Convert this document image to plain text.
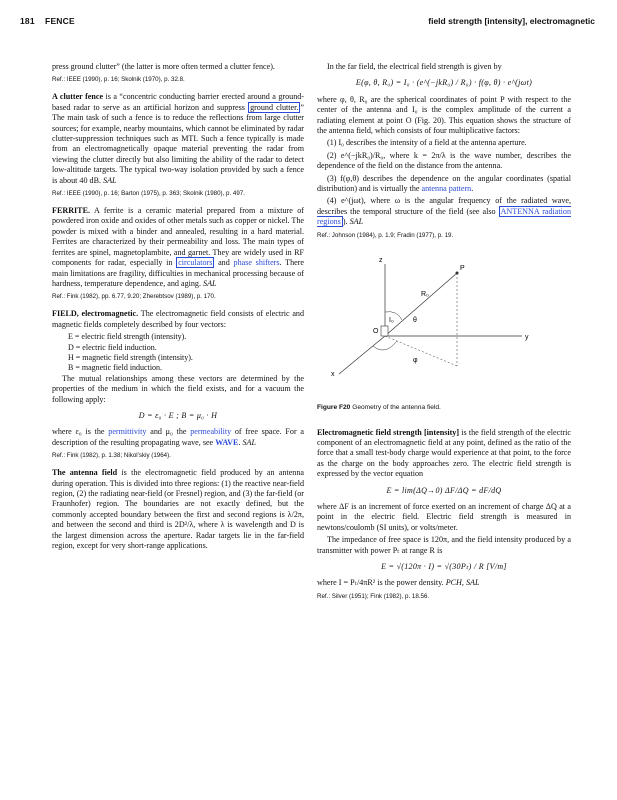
181 FENCE	field strength [intensity], electromagnetic

press ground clutter” (the latter is more often termed a clutter fence).

Ref.: IEEE (1990), p. 16; Skolnik (1970), p. 32.8.

A clutter fence is a “concentric conducting barrier erected around a ground-based radar to serve as an artificial horizon and suppress ground clutter. ” The main task of such a fence is to reduce the reflections from large clutter sources; for example, nearby mountains, which cannot be eliminated by radar clutter-suppression techniques such as MTI. Such a fence typically is made from an electromagnetically opaque material preventing the radar from viewing the clutter directly but also limiting the ability of the radar to detect low-altitude targets. The typical two-way isolation provided by such a fence is about 40 dB. SAL

Ref.: IEEE (1990), p. 16; Barton (1975), p. 363; Skolnik (1980), p. 497.

FERRITE. A ferrite is a ceramic material prepared from a mixture of powdered iron oxide and oxides of other metals such as copper or nickel. The powder is mixed with a binder and annealed, resulting in a hard material. Ferrites are characterized by their permeability and loss. The main types of ferrites are spinel, magnetoplambite, and garnet. They are widely used in RF components for radar, especially in circulators and phase shifters. There main limitations are fragility, difficulties in mechanical processing because of hardness, temperature dependence, and aging. SAL

Ref.: Fink (1982), pp. 6.77, 9.20; Zherebtsov (1989), p. 170.

FIELD, electromagnetic. The electromagnetic field consists of electric and magnetic fields completely described by four vectors:

E = electric field strength (intensity).
D = electric field induction.
H = magnetic field strength (intensity).
B = magnetic field induction.

The mutual relationships among these vectors are determined by the properties of the medium in which the field exists, and for a vacuum the following apply:

D = ε₀ · E ; B = μ₀ · H

where ε₀ is the permittivity and μ₀ the permeability of free space. For a description of the resulting propagating wave, see WAVE. SAL

Ref.: Fink (1982), p. 1.38; Nikol’skiy (1964).

The antenna field is the electromagnetic field produced by an antenna during operation. This is divided into three regions: (1) the reactive near-field region, (2) the radiating near-field (or Fresnel) region, and (3) the far-field (or Fraunhofer) region. The boundaries are not exactly defined, but the commonly accepted boundary between the first and second regions is λ/2π, and between the second and third is 2D²/λ, where λ is wavelength and D is the largest dimension across the aperture. Radar targets lie in the far-field region, except for very short-range applications.

In the far field, the electrical field strength is given by

E(φ, θ, R₀) = I₀ · (e^(−jkR₀) / R₀) · f(φ, θ) · e^(jωt)

where φ, θ, R₀ are the spherical coordinates of point P with respect to the center of the antenna and I₀ is the complex amplitude of the current a radiating element at point O (Fig. 20). This equation shows the structure of the antenna field, which consists of four multiplicative factors:

(1) I₀ describes the intensity of a field at the antenna aperture.

(2) e^(−jkR₀)/R₀, where k = 2π/λ is the wave number, describes the dependence of the field on the distance from the antenna.

(3) f(φ,θ) describes the dependence on the angular coordinates (spatial distribution) and is virtually the antenna pattern.

(4) e^(jωt), where ω is the angular frequency of the radiated wave, describes the temporal structure of the field (see also ANTENNA radiation regions ). SAL

Ref.: Johnson (1984), p. 1.9; Fradin (1977), p. 19.
z
P
R₀
I₀	θ
O
y
x
φ
Figure F20 Geometry of the antenna field.

Electromagnetic field strength [intensity] is the field strength of the electric component of an electromagnetic field at any point, defined as the ratio of the force that a small test-body charge would experience at that point, to the force as the charge on the body approaches zero. The electric field strength is expressed by the vector equation

E = lim(ΔQ→0) ΔF/ΔQ = dF/dQ

where ΔF is an increment of force exerted on an increment of charge ΔQ at a point in the electric field. Electric field strength is measured in newtons/coulomb (SI units), or volts/meter.

The impedance of free space is 120π, and the field intensity produced by a transmitter with power Pₜ at range R is

E = √(120π · I) = √(30Pₜ) / R [V/m]

where I = Pₜ/4πR² is the power density. PCH, SAL

Ref.: Silver (1951); Fink (1982), p. 18.56.
